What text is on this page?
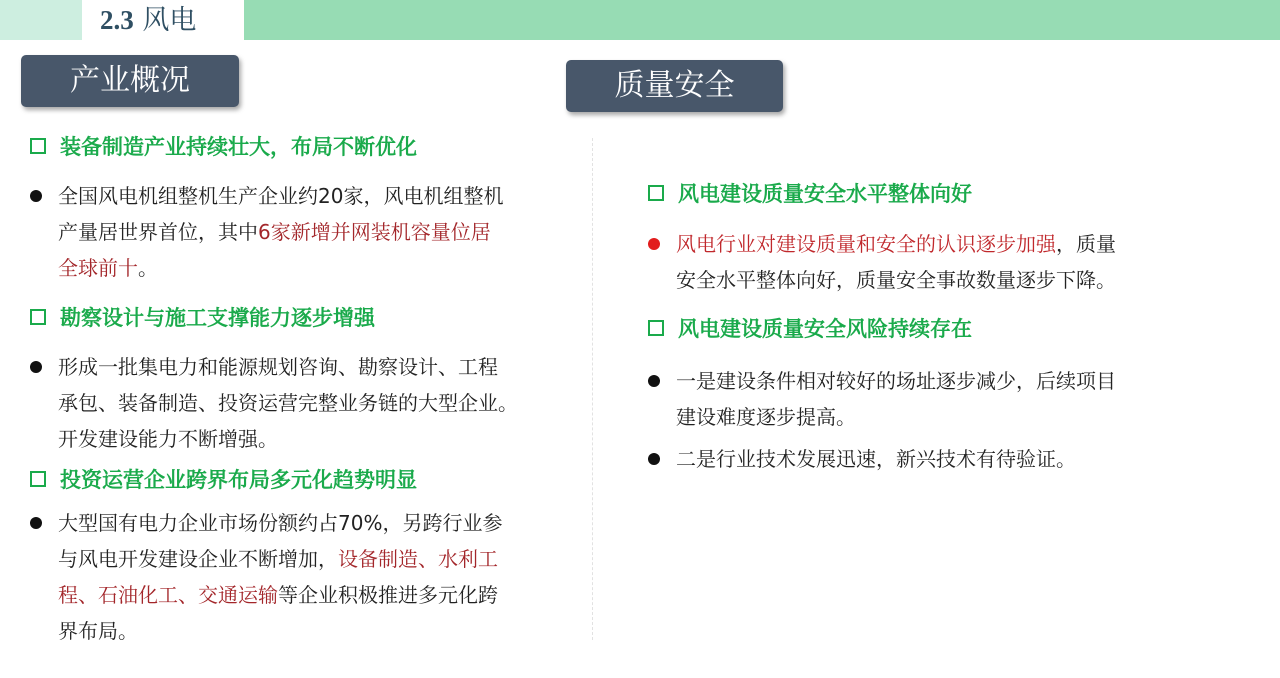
2.3 风电
产业概况	质量安全
装备制造产业持续壮大，布局不断优化
全国风电机组整机生产企业约20家，风电机组整机
产量居世界首位，其中6家新增并网装机容量位居
全球前十。
勘察设计与施工支撑能力逐步增强
形成一批集电力和能源规划咨询、勘察设计、工程
承包、装备制造、投资运营完整业务链的大型企业。
开发建设能力不断增强。
投资运营企业跨界布局多元化趋势明显
大型国有电力企业市场份额约占70%，另跨行业参
与风电开发建设企业不断增加，设备制造、水利工
程、石油化工、交通运输等企业积极推进多元化跨
界布局。
风电建设质量安全水平整体向好
风电行业对建设质量和安全的认识逐步加强，质量
安全水平整体向好，质量安全事故数量逐步下降。
风电建设质量安全风险持续存在
一是建设条件相对较好的场址逐步减少，后续项目
建设难度逐步提高。
二是行业技术发展迅速，新兴技术有待验证。
